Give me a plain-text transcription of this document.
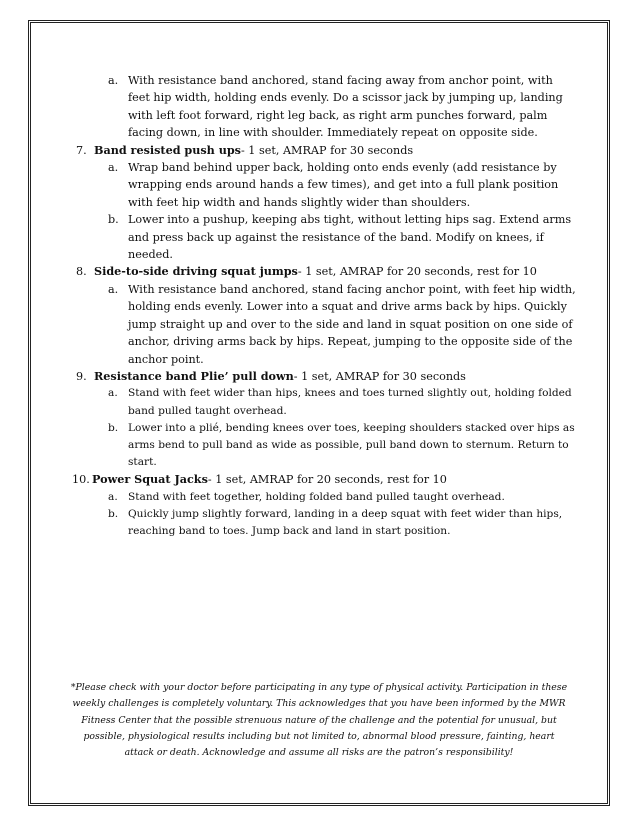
a. With resistance band anchored, stand facing away from anchor point, with feet hip width, holding ends evenly. Do a scissor jack by jumping up, landing with left foot forward, right leg back, as right arm punches forward, palm facing down, in line with shoulder. Immediately repeat on opposite side.
7. Band resisted push ups- 1 set, AMRAP for 30 seconds
a. Wrap band behind upper back, holding onto ends evenly (add resistance by wrapping ends around hands a few times), and get into a full plank position with feet hip width and hands slightly wider than shoulders.
b. Lower into a pushup, keeping abs tight, without letting hips sag. Extend arms and press back up against the resistance of the band. Modify on knees, if needed.
8. Side-to-side driving squat jumps- 1 set, AMRAP for 20 seconds, rest for 10
a. With resistance band anchored, stand facing anchor point, with feet hip width, holding ends evenly. Lower into a squat and drive arms back by hips. Quickly jump straight up and over to the side and land in squat position on one side of anchor, driving arms back by hips. Repeat, jumping to the opposite side of the anchor point.
9. Resistance band Plie’ pull down- 1 set, AMRAP for 30 seconds
a. Stand with feet wider than hips, knees and toes turned slightly out, holding folded band pulled taught overhead.
b. Lower into a plié, bending knees over toes, keeping shoulders stacked over hips as arms bend to pull band as wide as possible, pull band down to sternum. Return to start.
10. Power Squat Jacks- 1 set, AMRAP for 20 seconds, rest for 10
a. Stand with feet together, holding folded band pulled taught overhead.
b. Quickly jump slightly forward, landing in a deep squat with feet wider than hips, reaching band to toes. Jump back and land in start position.
*Please check with your doctor before participating in any type of physical activity. Participation in these weekly challenges is completely voluntary. This acknowledges that you have been informed by the MWR Fitness Center that the possible strenuous nature of the challenge and the potential for unusual, but possible, physiological results including but not limited to, abnormal blood pressure, fainting, heart attack or death. Acknowledge and assume all risks are the patron’s responsibility!
